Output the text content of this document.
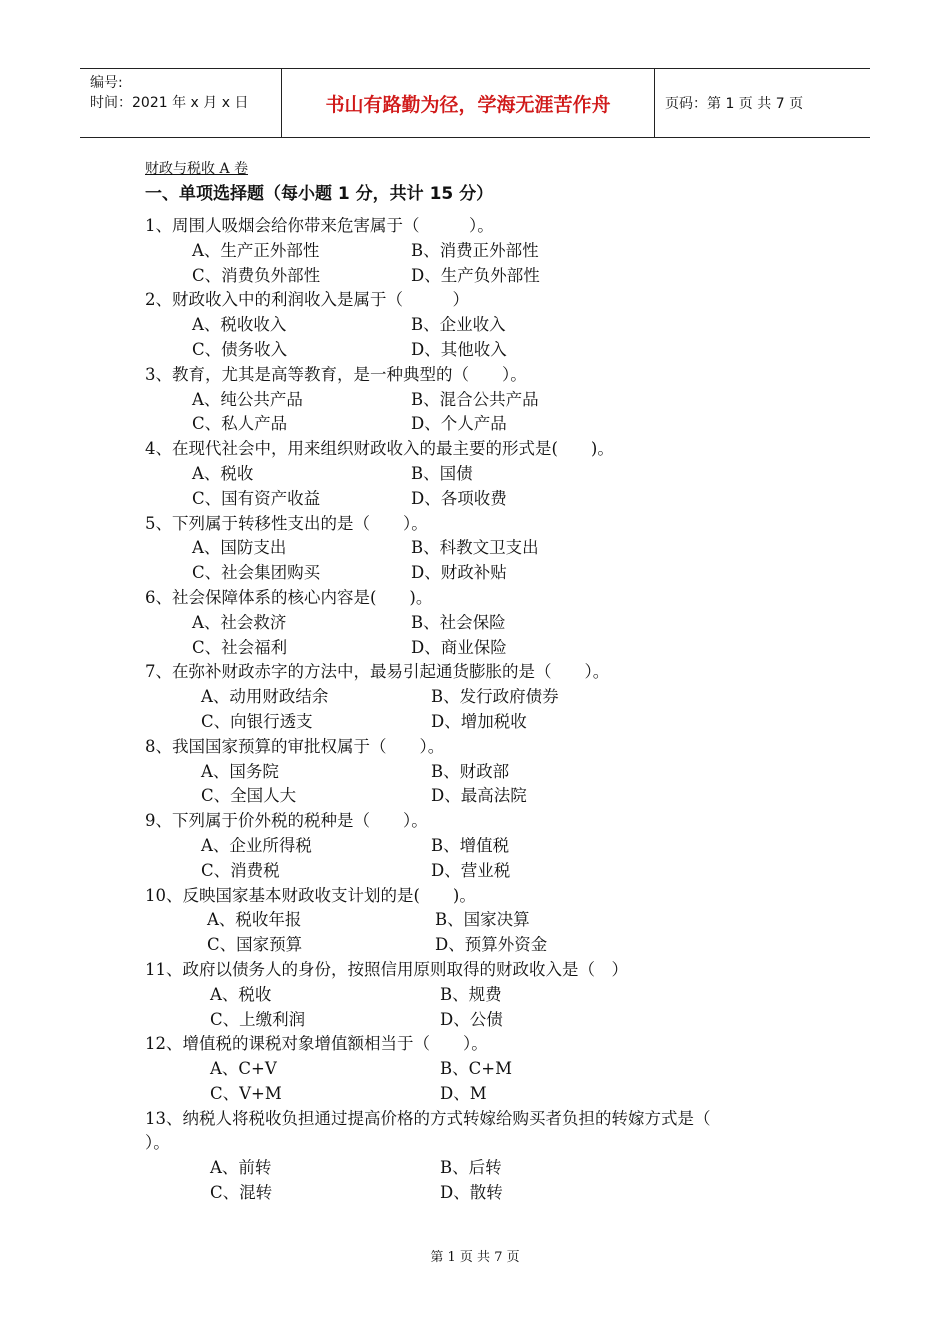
编号:
时间：2021 年 x 月 x 日	书山有路勤为径，学海无涯苦作舟	页码：第 1 页 共 7 页
财政与税收 A 卷
一、单项选择题（每小题 1 分，共计 15 分）
1、周围人吸烟会给你带来危害属于（　　　）。
A、生产正外部性	B、消费正外部性
C、消费负外部性	D、生产负外部性
2、财政收入中的利润收入是属于（　　　）
A、税收收入	B、企业收入
C、债务收入	D、其他收入
3、教育，尤其是高等教育，是一种典型的（　　）。
A、纯公共产品	B、混合公共产品
C、私人产品	D、个人产品
4、在现代社会中，用来组织财政收入的最主要的形式是(　　)。
A、税收	B、国债
C、国有资产收益	D、各项收费
5、下列属于转移性支出的是（　　）。
A、国防支出	B、科教文卫支出
C、社会集团购买	D、财政补贴
6、社会保障体系的核心内容是(　　)。
A、社会救济	B、社会保险
C、社会福利	D、商业保险
7、在弥补财政赤字的方法中，最易引起通货膨胀的是（　　）。
A、动用财政结余	B、发行政府债券
C、向银行透支	D、增加税收
8、我国国家预算的审批权属于（　　）。
A、国务院	B、财政部
C、全国人大	D、最高法院
9、下列属于价外税的税种是（　　）。
A、企业所得税	B、增值税
C、消费税	D、营业税
10、反映国家基本财政收支计划的是(　　)。
A、税收年报	B、国家决算
C、国家预算	D、预算外资金
11、政府以债务人的身份，按照信用原则取得的财政收入是（　）
A、税收	B、规费
C、上缴利润	D、公债
12、增值税的课税对象增值额相当于（　　）。
A、C+V	B、C+M
C、V+M	D、M
13、纳税人将税收负担通过提高价格的方式转嫁给购买者负担的转嫁方式是（
）。
A、前转	B、后转
C、混转	D、散转
第 1 页 共 7 页
